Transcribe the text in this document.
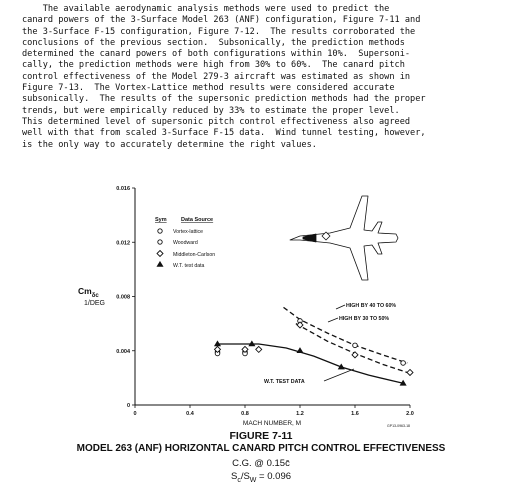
The available aerodynamic analysis methods were used to predict the
canard powers of the 3-Surface Model 263 (ANF) configuration, Figure 7-11 and
the 3-Surface F-15 configuration, Figure 7-12.  The results corroborated the
conclusions of the previous section.  Subsonically, the prediction methods
determined the canard powers of both configurations within 10%.  Supersoni-
cally, the prediction methods were high from 30% to 60%.  The canard pitch
control effectiveness of the Model 279-3 aircraft was estimated as shown in
Figure 7-13.  The Vortex-Lattice method results were considered accurate
subsonically.  The results of the supersonic prediction methods had the proper
trends, but were empirically reduced by 33% to estimate the proper level.
This determined level of supersonic pitch control effectiveness also agreed
well with that from scaled 3-Surface F-15 data.  Wind tunnel testing, however,
is the only way to accurately determine the right values.
0
0.004
0.008
0.012
0.016
0	0.4	0.8	1.2	1.6	2.0
$Cm_{\delta c}$
1/DEG
MACH NUMBER, M	GP13-0963-18
Sym	Data Source
Vortex-lattice
Woodward
Middleton-Carlson
W.T. test data
HIGH BY 40 TO 60%
HIGH BY 30 TO 50%
W.T. TEST DATA

FIGURE 7-11

MODEL 263 (ANF) HORIZONTAL CANARD PITCH CONTROL EFFECTIVENESS

C.G. @ 0.15c̄

$S_c/S_W = 0.096$
